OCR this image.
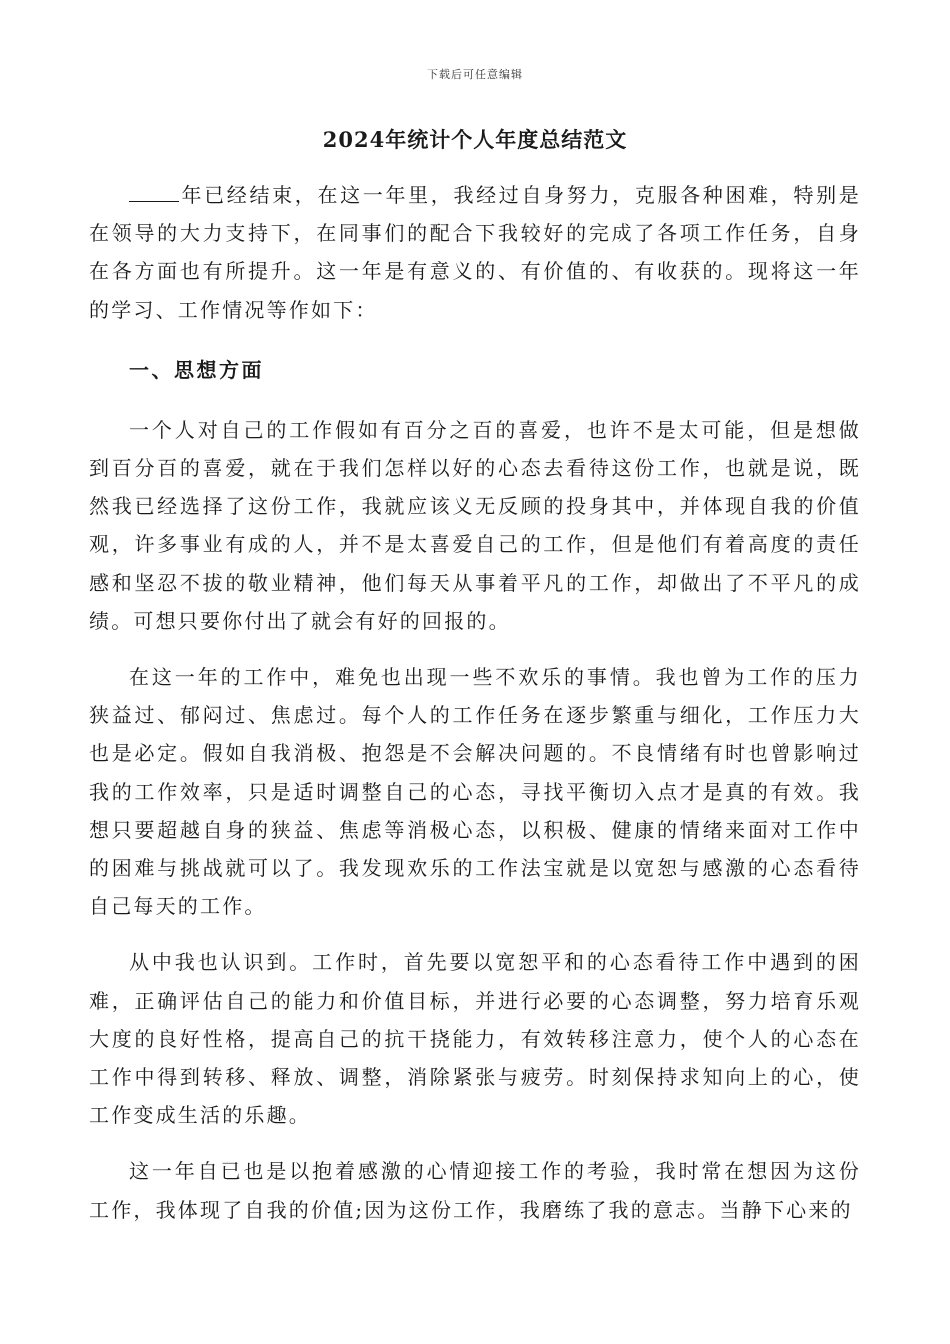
下载后可任意编辑
2024年统计个人年度总结范文

年已经结束，在这一年里，我经过自身努力，克服各种困难，特别是在领导的大力支持下，在同事们的配合下我较好的完成了各项工作任务，自身在各方面也有所提升。这一年是有意义的、有价值的、有收获的。现将这一年的学习、工作情况等作如下：

一、思想方面

一个人对自己的工作假如有百分之百的喜爱，也许不是太可能，但是想做到百分百的喜爱，就在于我们怎样以好的心态去看待这份工作，也就是说，既然我已经选择了这份工作，我就应该义无反顾的投身其中，并体现自我的价值观，许多事业有成的人，并不是太喜爱自己的工作，但是他们有着高度的责任感和坚忍不拔的敬业精神，他们每天从事着平凡的工作，却做出了不平凡的成绩。可想只要你付出了就会有好的回报的。

在这一年的工作中，难免也出现一些不欢乐的事情。我也曾为工作的压力狭益过、郁闷过、焦虑过。每个人的工作任务在逐步繁重与细化，工作压力大也是必定。假如自我消极、抱怨是不会解决问题的。不良情绪有时也曾影响过我的工作效率，只是适时调整自己的心态，寻找平衡切入点才是真的有效。我想只要超越自身的狭益、焦虑等消极心态，以积极、健康的情绪来面对工作中的困难与挑战就可以了。我发现欢乐的工作法宝就是以宽恕与感激的心态看待自己每天的工作。

从中我也认识到。工作时，首先要以宽恕平和的心态看待工作中遇到的困难，正确评估自己的能力和价值目标，并进行必要的心态调整，努力培育乐观大度的良好性格，提高自己的抗干挠能力，有效转移注意力，使个人的心态在工作中得到转移、释放、调整，消除紧张与疲劳。时刻保持求知向上的心，使工作变成生活的乐趣。

这一年自已也是以抱着感激的心情迎接工作的考验，我时常在想因为这份工作，我体现了自我的价值;因为这份工作，我磨练了我的意志。当静下心来的
